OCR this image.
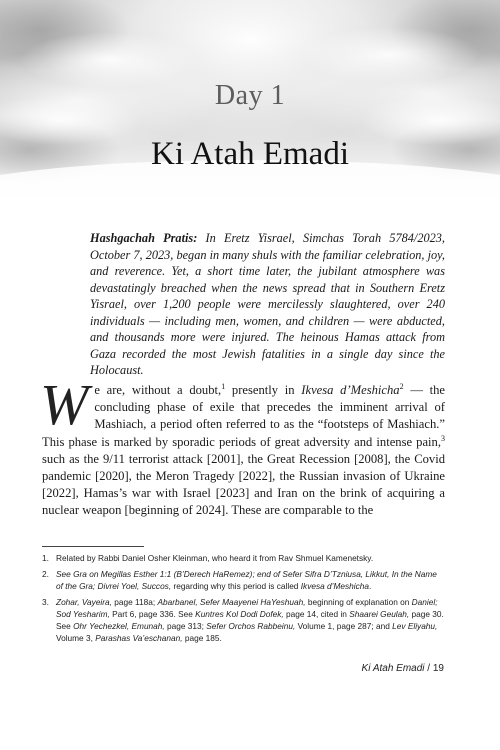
Day 1
Ki Atah Emadi
Hashgachah Pratis: In Eretz Yisrael, Simchas Torah 5784/2023, October 7, 2023, began in many shuls with the familiar celebration, joy, and reverence. Yet, a short time later, the jubilant atmosphere was devastatingly breached when the news spread that in Southern Eretz Yisrael, over 1,200 people were mercilessly slaughtered, over 240 individuals — including men, women, and children — were abducted, and thousands more were injured. The heinous Hamas attack from Gaza recorded the most Jewish fatalities in a single day since the Holocaust.
We are, without a doubt,$^1$ presently in Ikvesa d’Meshicha$^2$ — the concluding phase of exile that precedes the imminent arrival of Mashiach, a period often referred to as the “footsteps of Mashiach.” This phase is marked by sporadic periods of great adversity and intense pain,$^3$ such as the 9/11 terrorist attack [2001], the Great Recession [2008], the Covid pandemic [2020], the Meron Tragedy [2022], the Russian invasion of Ukraine [2022], Hamas’s war with Israel [2023] and Iran on the brink of acquiring a nuclear weapon [beginning of 2024]. These are comparable to the
1. Related by Rabbi Daniel Osher Kleinman, who heard it from Rav Shmuel Kamenetsky.
2. See Gra on Megillas Esther 1:1 (B’Derech HaRemez); end of Sefer Sifra D’Tzniusa, Likkut, In the Name of the Gra; Divrei Yoel, Succos, regarding why this period is called Ikvesa d’Meshicha.
3. Zohar, Vayeira, page 118a; Abarbanel, Sefer Maayenei HaYeshuah, beginning of explanation on Daniel; Sod Yesharim, Part 6, page 336. See Kuntres Kol Dodi Dofek, page 14, cited in Shaarei Geulah, page 30. See Ohr Yechezkel, Emunah, page 313; Sefer Orchos Rabbeinu, Volume 1, page 287; and Lev Eliyahu, Volume 3, Parashas Va’eschanan, page 185.
Ki Atah Emadi / 19
